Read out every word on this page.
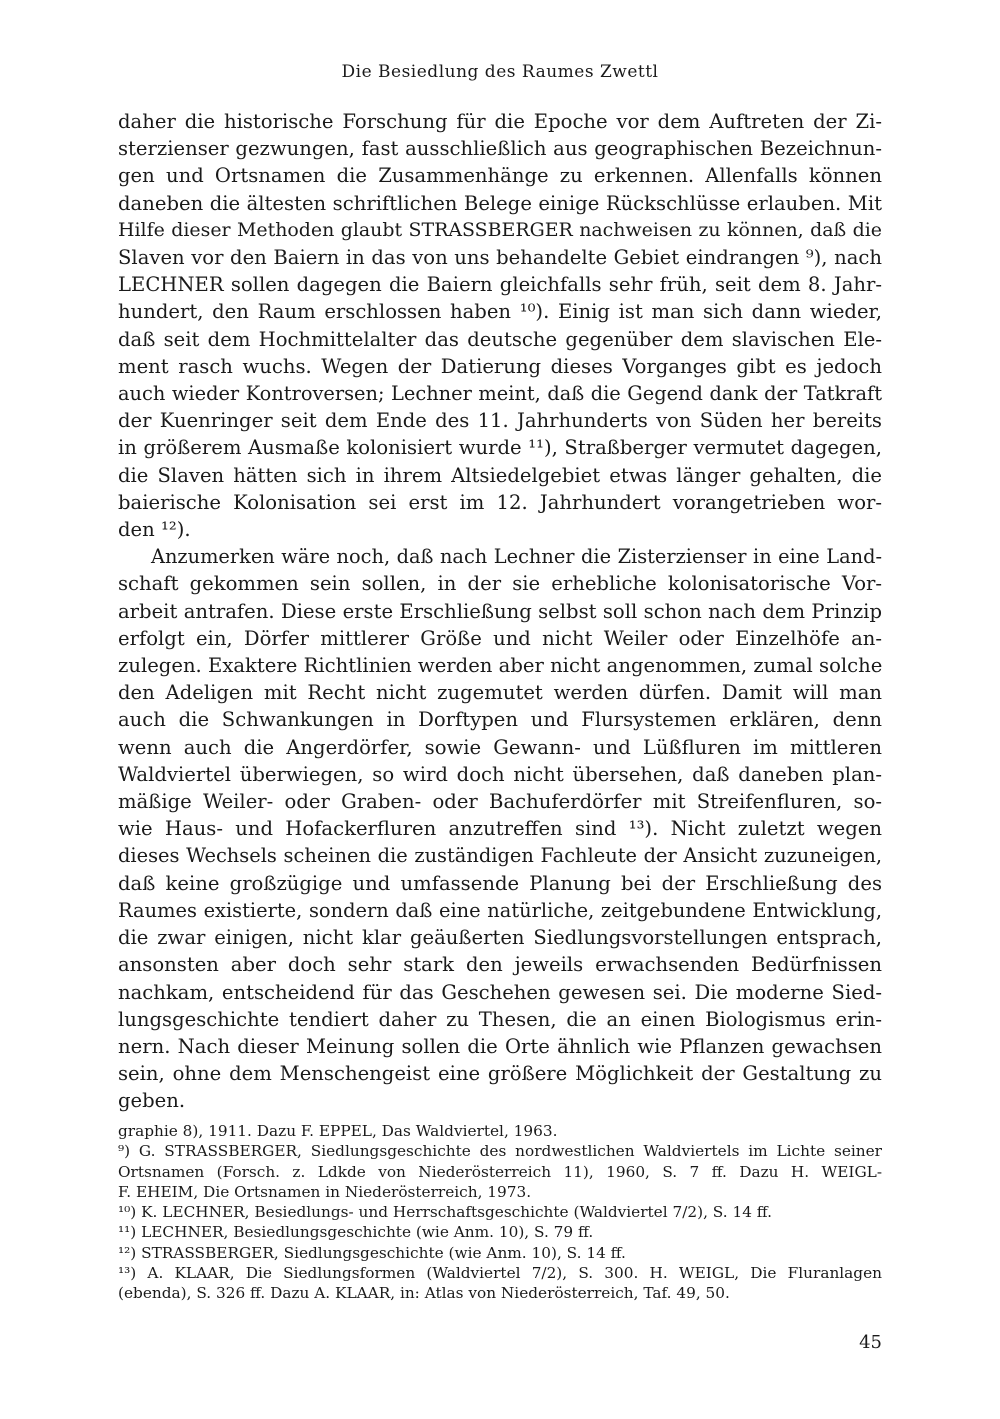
Die Besiedlung des Raumes Zwettl

daher die historische Forschung für die Epoche vor dem Auftreten der Zi-
sterzienser gezwungen, fast ausschließlich aus geographischen Bezeichnun-
gen und Ortsnamen die Zusammenhänge zu erkennen. Allenfalls können
daneben die ältesten schriftlichen Belege einige Rückschlüsse erlauben. Mit
Hilfe dieser Methoden glaubt STRASSBERGER nachweisen zu können, daß die
Slaven vor den Baiern in das von uns behandelte Gebiet eindrangen ⁹), nach
LECHNER sollen dagegen die Baiern gleichfalls sehr früh, seit dem 8. Jahr-
hundert, den Raum erschlossen haben ¹⁰). Einig ist man sich dann wieder,
daß seit dem Hochmittelalter das deutsche gegenüber dem slavischen Ele-
ment rasch wuchs. Wegen der Datierung dieses Vorganges gibt es jedoch
auch wieder Kontroversen; Lechner meint, daß die Gegend dank der Tatkraft
der Kuenringer seit dem Ende des 11. Jahrhunderts von Süden her bereits
in größerem Ausmaße kolonisiert wurde ¹¹), Straßberger vermutet dagegen,
die Slaven hätten sich in ihrem Altsiedelgebiet etwas länger gehalten, die
baierische Kolonisation sei erst im 12. Jahrhundert vorangetrieben wor-
den ¹²).

Anzumerken wäre noch, daß nach Lechner die Zisterzienser in eine Land-
schaft gekommen sein sollen, in der sie erhebliche kolonisatorische Vor-
arbeit antrafen. Diese erste Erschließung selbst soll schon nach dem Prinzip
erfolgt ein, Dörfer mittlerer Größe und nicht Weiler oder Einzelhöfe an-
zulegen. Exaktere Richtlinien werden aber nicht angenommen, zumal solche
den Adeligen mit Recht nicht zugemutet werden dürfen. Damit will man
auch die Schwankungen in Dorftypen und Flursystemen erklären, denn
wenn auch die Angerdörfer, sowie Gewann- und Lüßfluren im mittleren
Waldviertel überwiegen, so wird doch nicht übersehen, daß daneben plan-
mäßige Weiler- oder Graben- oder Bachuferdörfer mit Streifenfluren, so-
wie Haus- und Hofackerfluren anzutreffen sind ¹³). Nicht zuletzt wegen
dieses Wechsels scheinen die zuständigen Fachleute der Ansicht zuzuneigen,
daß keine großzügige und umfassende Planung bei der Erschließung des
Raumes existierte, sondern daß eine natürliche, zeitgebundene Entwicklung,
die zwar einigen, nicht klar geäußerten Siedlungsvorstellungen entsprach,
ansonsten aber doch sehr stark den jeweils erwachsenden Bedürfnissen
nachkam, entscheidend für das Geschehen gewesen sei. Die moderne Sied-
lungsgeschichte tendiert daher zu Thesen, die an einen Biologismus erin-
nern. Nach dieser Meinung sollen die Orte ähnlich wie Pflanzen gewachsen
sein, ohne dem Menschengeist eine größere Möglichkeit der Gestaltung zu
geben.

graphie 8), 1911. Dazu F. EPPEL, Das Waldviertel, 1963.
⁹) G. STRASSBERGER, Siedlungsgeschichte des nordwestlichen Waldviertels im Lichte seiner
Ortsnamen (Forsch. z. Ldkde von Niederösterreich 11), 1960, S. 7 ff. Dazu H. WEIGL-
F. EHEIM, Die Ortsnamen in Niederösterreich, 1973.
¹⁰) K. LECHNER, Besiedlungs- und Herrschaftsgeschichte (Waldviertel 7/2), S. 14 ff.
¹¹) LECHNER, Besiedlungsgeschichte (wie Anm. 10), S. 79 ff.
¹²) STRASSBERGER, Siedlungsgeschichte (wie Anm. 10), S. 14 ff.
¹³) A. KLAAR, Die Siedlungsformen (Waldviertel 7/2), S. 300. H. WEIGL, Die Fluranlagen
(ebenda), S. 326 ff. Dazu A. KLAAR, in: Atlas von Niederösterreich, Taf. 49, 50.
45
